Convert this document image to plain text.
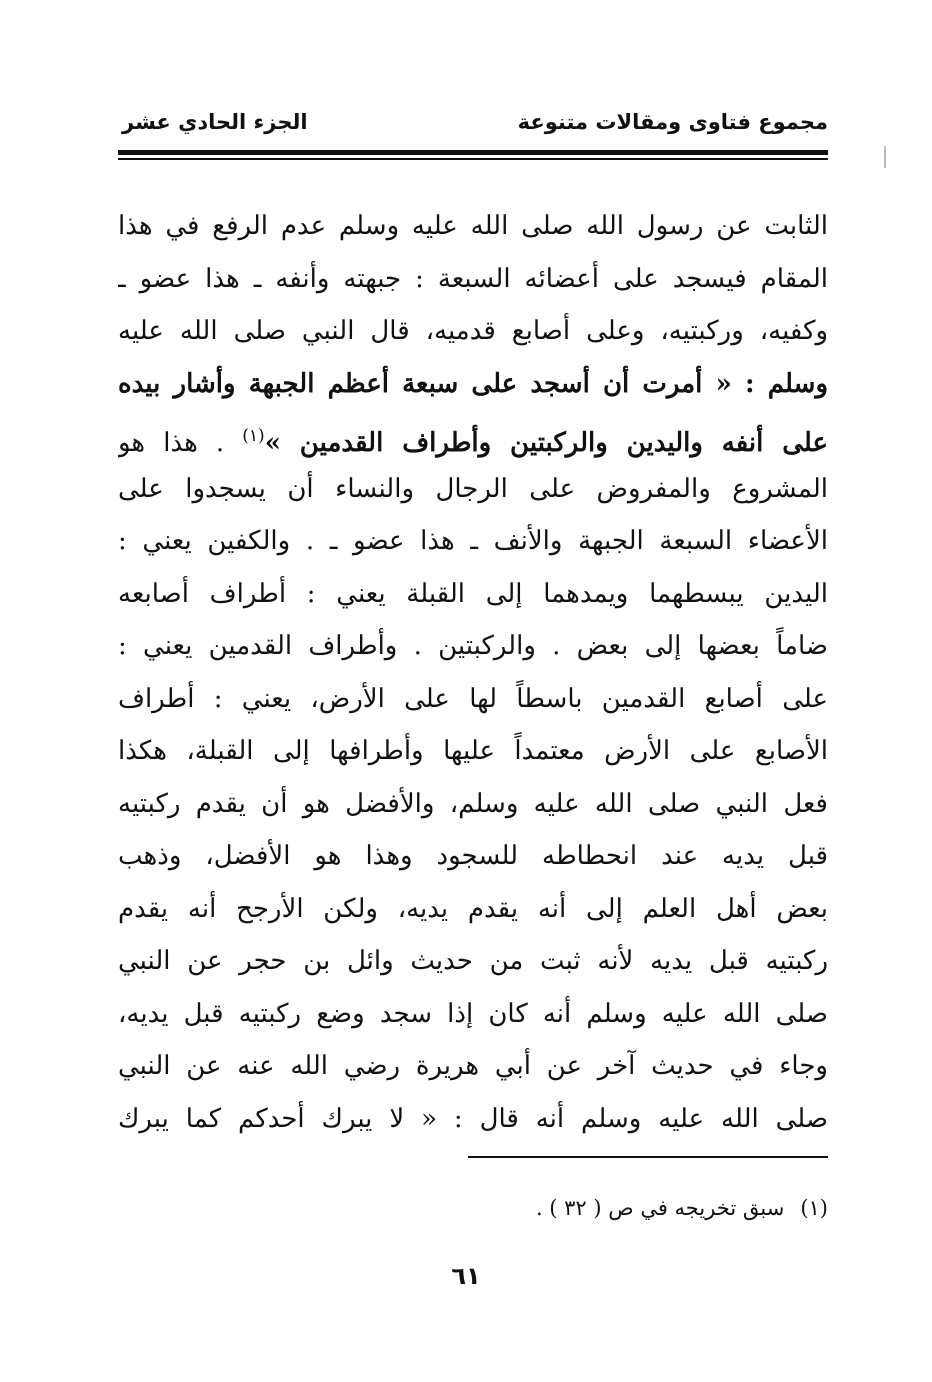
مجموع فتاوى ومقالات متنوعة
الجزء الحادي عشر
الثابت عن رسول الله صلى الله عليه وسلم عدم الرفع في هذا
المقام فيسجد على أعضائه السبعة : جبهته وأنفه ـ هذا عضو ـ
وكفيه، وركبتيه، وعلى أصابع قدميه، قال النبي صلى الله عليه
وسلم : « أمرت أن أسجد على سبعة أعظم الجبهة وأشار بيده
على أنفه واليدين والركبتين وأطراف القدمين »$^{(١)}$ . هذا هو
المشروع والمفروض على الرجال والنساء أن يسجدوا على
الأعضاء السبعة الجبهة والأنف ـ هذا عضو ـ . والكفين يعني :
اليدين يبسطهما ويمدهما إلى القبلة يعني : أطراف أصابعه
ضاماً بعضها إلى بعض . والركبتين . وأطراف القدمين يعني :
على أصابع القدمين باسطاً لها على الأرض، يعني : أطراف
الأصابع على الأرض معتمداً عليها وأطرافها إلى القبلة، هكذا
فعل النبي صلى الله عليه وسلم، والأفضل هو أن يقدم ركبتيه
قبل يديه عند انحطاطه للسجود وهذا هو الأفضل، وذهب
بعض أهل العلم إلى أنه يقدم يديه، ولكن الأرجح أنه يقدم
ركبتيه قبل يديه لأنه ثبت من حديث وائل بن حجر عن النبي
صلى الله عليه وسلم أنه كان إذا سجد وضع ركبتيه قبل يديه،
وجاء في حديث آخر عن أبي هريرة رضي الله عنه عن النبي
صلى الله عليه وسلم أنه قال : « لا يبرك أحدكم كما يبرك
(١)سبق تخريجه في ص ( ٣٢ ) .
٦١
